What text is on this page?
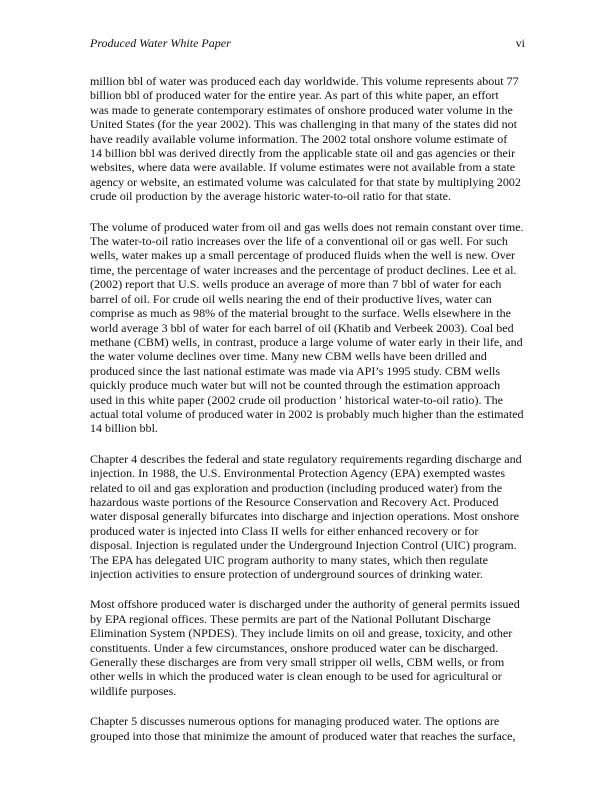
Produced Water White Paper	vi

million bbl of water was produced each day worldwide. This volume represents about 77
billion bbl of produced water for the entire year. As part of this white paper, an effort
was made to generate contemporary estimates of onshore produced water volume in the
United States (for the year 2002). This was challenging in that many of the states did not
have readily available volume information. The 2002 total onshore volume estimate of
14 billion bbl was derived directly from the applicable state oil and gas agencies or their
websites, where data were available. If volume estimates were not available from a state
agency or website, an estimated volume was calculated for that state by multiplying 2002
crude oil production by the average historic water-to-oil ratio for that state.

The volume of produced water from oil and gas wells does not remain constant over time.
The water-to-oil ratio increases over the life of a conventional oil or gas well. For such
wells, water makes up a small percentage of produced fluids when the well is new. Over
time, the percentage of water increases and the percentage of product declines. Lee et al.
(2002) report that U.S. wells produce an average of more than 7 bbl of water for each
barrel of oil. For crude oil wells nearing the end of their productive lives, water can
comprise as much as 98% of the material brought to the surface. Wells elsewhere in the
world average 3 bbl of water for each barrel of oil (Khatib and Verbeek 2003). Coal bed
methane (CBM) wells, in contrast, produce a large volume of water early in their life, and
the water volume declines over time. Many new CBM wells have been drilled and
produced since the last national estimate was made via API’s 1995 study. CBM wells
quickly produce much water but will not be counted through the estimation approach
used in this white paper (2002 crude oil production ′ historical water-to-oil ratio). The
actual total volume of produced water in 2002 is probably much higher than the estimated
14 billion bbl.

Chapter 4 describes the federal and state regulatory requirements regarding discharge and
injection. In 1988, the U.S. Environmental Protection Agency (EPA) exempted wastes
related to oil and gas exploration and production (including produced water) from the
hazardous waste portions of the Resource Conservation and Recovery Act. Produced
water disposal generally bifurcates into discharge and injection operations. Most onshore
produced water is injected into Class II wells for either enhanced recovery or for
disposal. Injection is regulated under the Underground Injection Control (UIC) program.
The EPA has delegated UIC program authority to many states, which then regulate
injection activities to ensure protection of underground sources of drinking water.

Most offshore produced water is discharged under the authority of general permits issued
by EPA regional offices. These permits are part of the National Pollutant Discharge
Elimination System (NPDES). They include limits on oil and grease, toxicity, and other
constituents. Under a few circumstances, onshore produced water can be discharged.
Generally these discharges are from very small stripper oil wells, CBM wells, or from
other wells in which the produced water is clean enough to be used for agricultural or
wildlife purposes.

Chapter 5 discusses numerous options for managing produced water. The options are
grouped into those that minimize the amount of produced water that reaches the surface,
